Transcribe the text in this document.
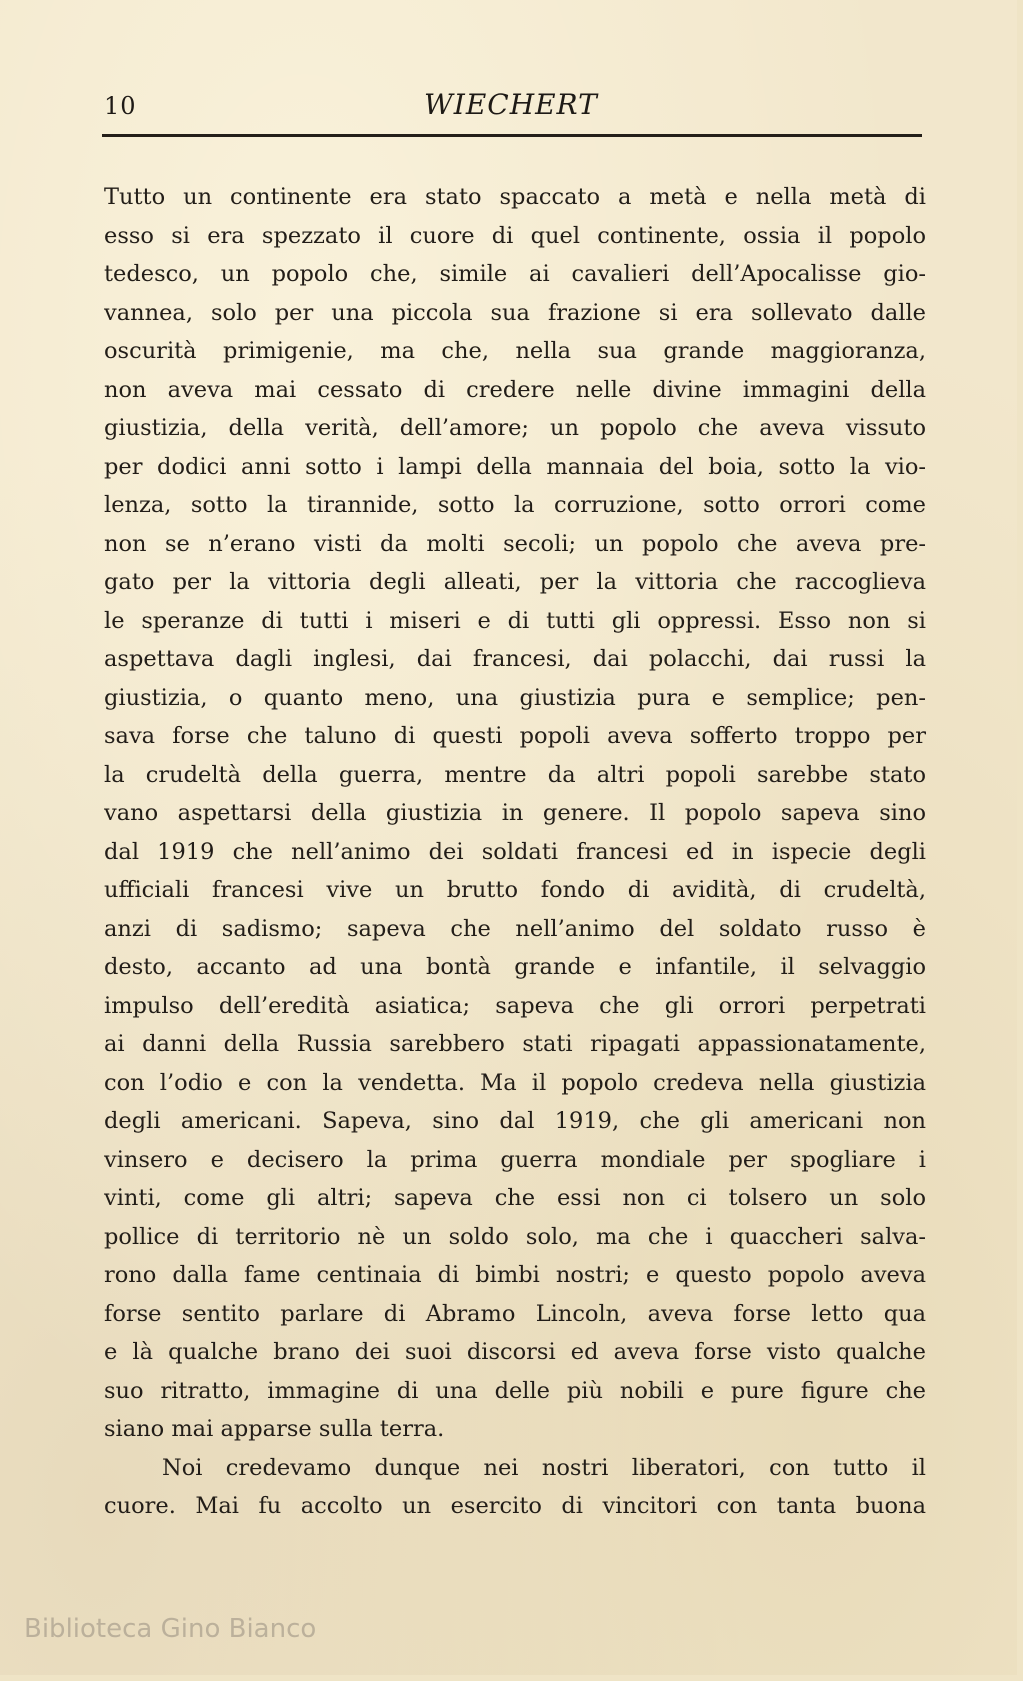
10	WIECHERT
Tutto un continente era stato spaccato a metà e nella metà di
esso si era spezzato il cuore di quel continente, ossia il popolo
tedesco, un popolo che, simile ai cavalieri dell’Apocalisse gio-
vannea, solo per una piccola sua frazione si era sollevato dalle
oscurità primigenie, ma che, nella sua grande maggioranza,
non aveva mai cessato di credere nelle divine immagini della
giustizia, della verità, dell’amore; un popolo che aveva vissuto
per dodici anni sotto i lampi della mannaia del boia, sotto la vio-
lenza, sotto la tirannide, sotto la corruzione, sotto orrori come
non se n’erano visti da molti secoli; un popolo che aveva pre-
gato per la vittoria degli alleati, per la vittoria che raccoglieva
le speranze di tutti i miseri e di tutti gli oppressi. Esso non si
aspettava dagli inglesi, dai francesi, dai polacchi, dai russi la
giustizia, o quanto meno, una giustizia pura e semplice; pen-
sava forse che taluno di questi popoli aveva sofferto troppo per
la crudeltà della guerra, mentre da altri popoli sarebbe stato
vano aspettarsi della giustizia in genere. Il popolo sapeva sino
dal 1919 che nell’animo dei soldati francesi ed in ispecie degli
ufficiali francesi vive un brutto fondo di avidità, di crudeltà,
anzi di sadismo; sapeva che nell’animo del soldato russo è
desto, accanto ad una bontà grande e infantile, il selvaggio
impulso dell’eredità asiatica; sapeva che gli orrori perpetrati
ai danni della Russia sarebbero stati ripagati appassionatamente,
con l’odio e con la vendetta. Ma il popolo credeva nella giustizia
degli americani. Sapeva, sino dal 1919, che gli americani non
vinsero e decisero la prima guerra mondiale per spogliare i
vinti, come gli altri; sapeva che essi non ci tolsero un solo
pollice di territorio nè un soldo solo, ma che i quaccheri salva-
rono dalla fame centinaia di bimbi nostri; e questo popolo aveva
forse sentito parlare di Abramo Lincoln, aveva forse letto qua
e là qualche brano dei suoi discorsi ed aveva forse visto qualche
suo ritratto, immagine di una delle più nobili e pure figure che
siano mai apparse sulla terra.
Noi credevamo dunque nei nostri liberatori, con tutto il
cuore. Mai fu accolto un esercito di vincitori con tanta buona
Biblioteca Gino Bianco
